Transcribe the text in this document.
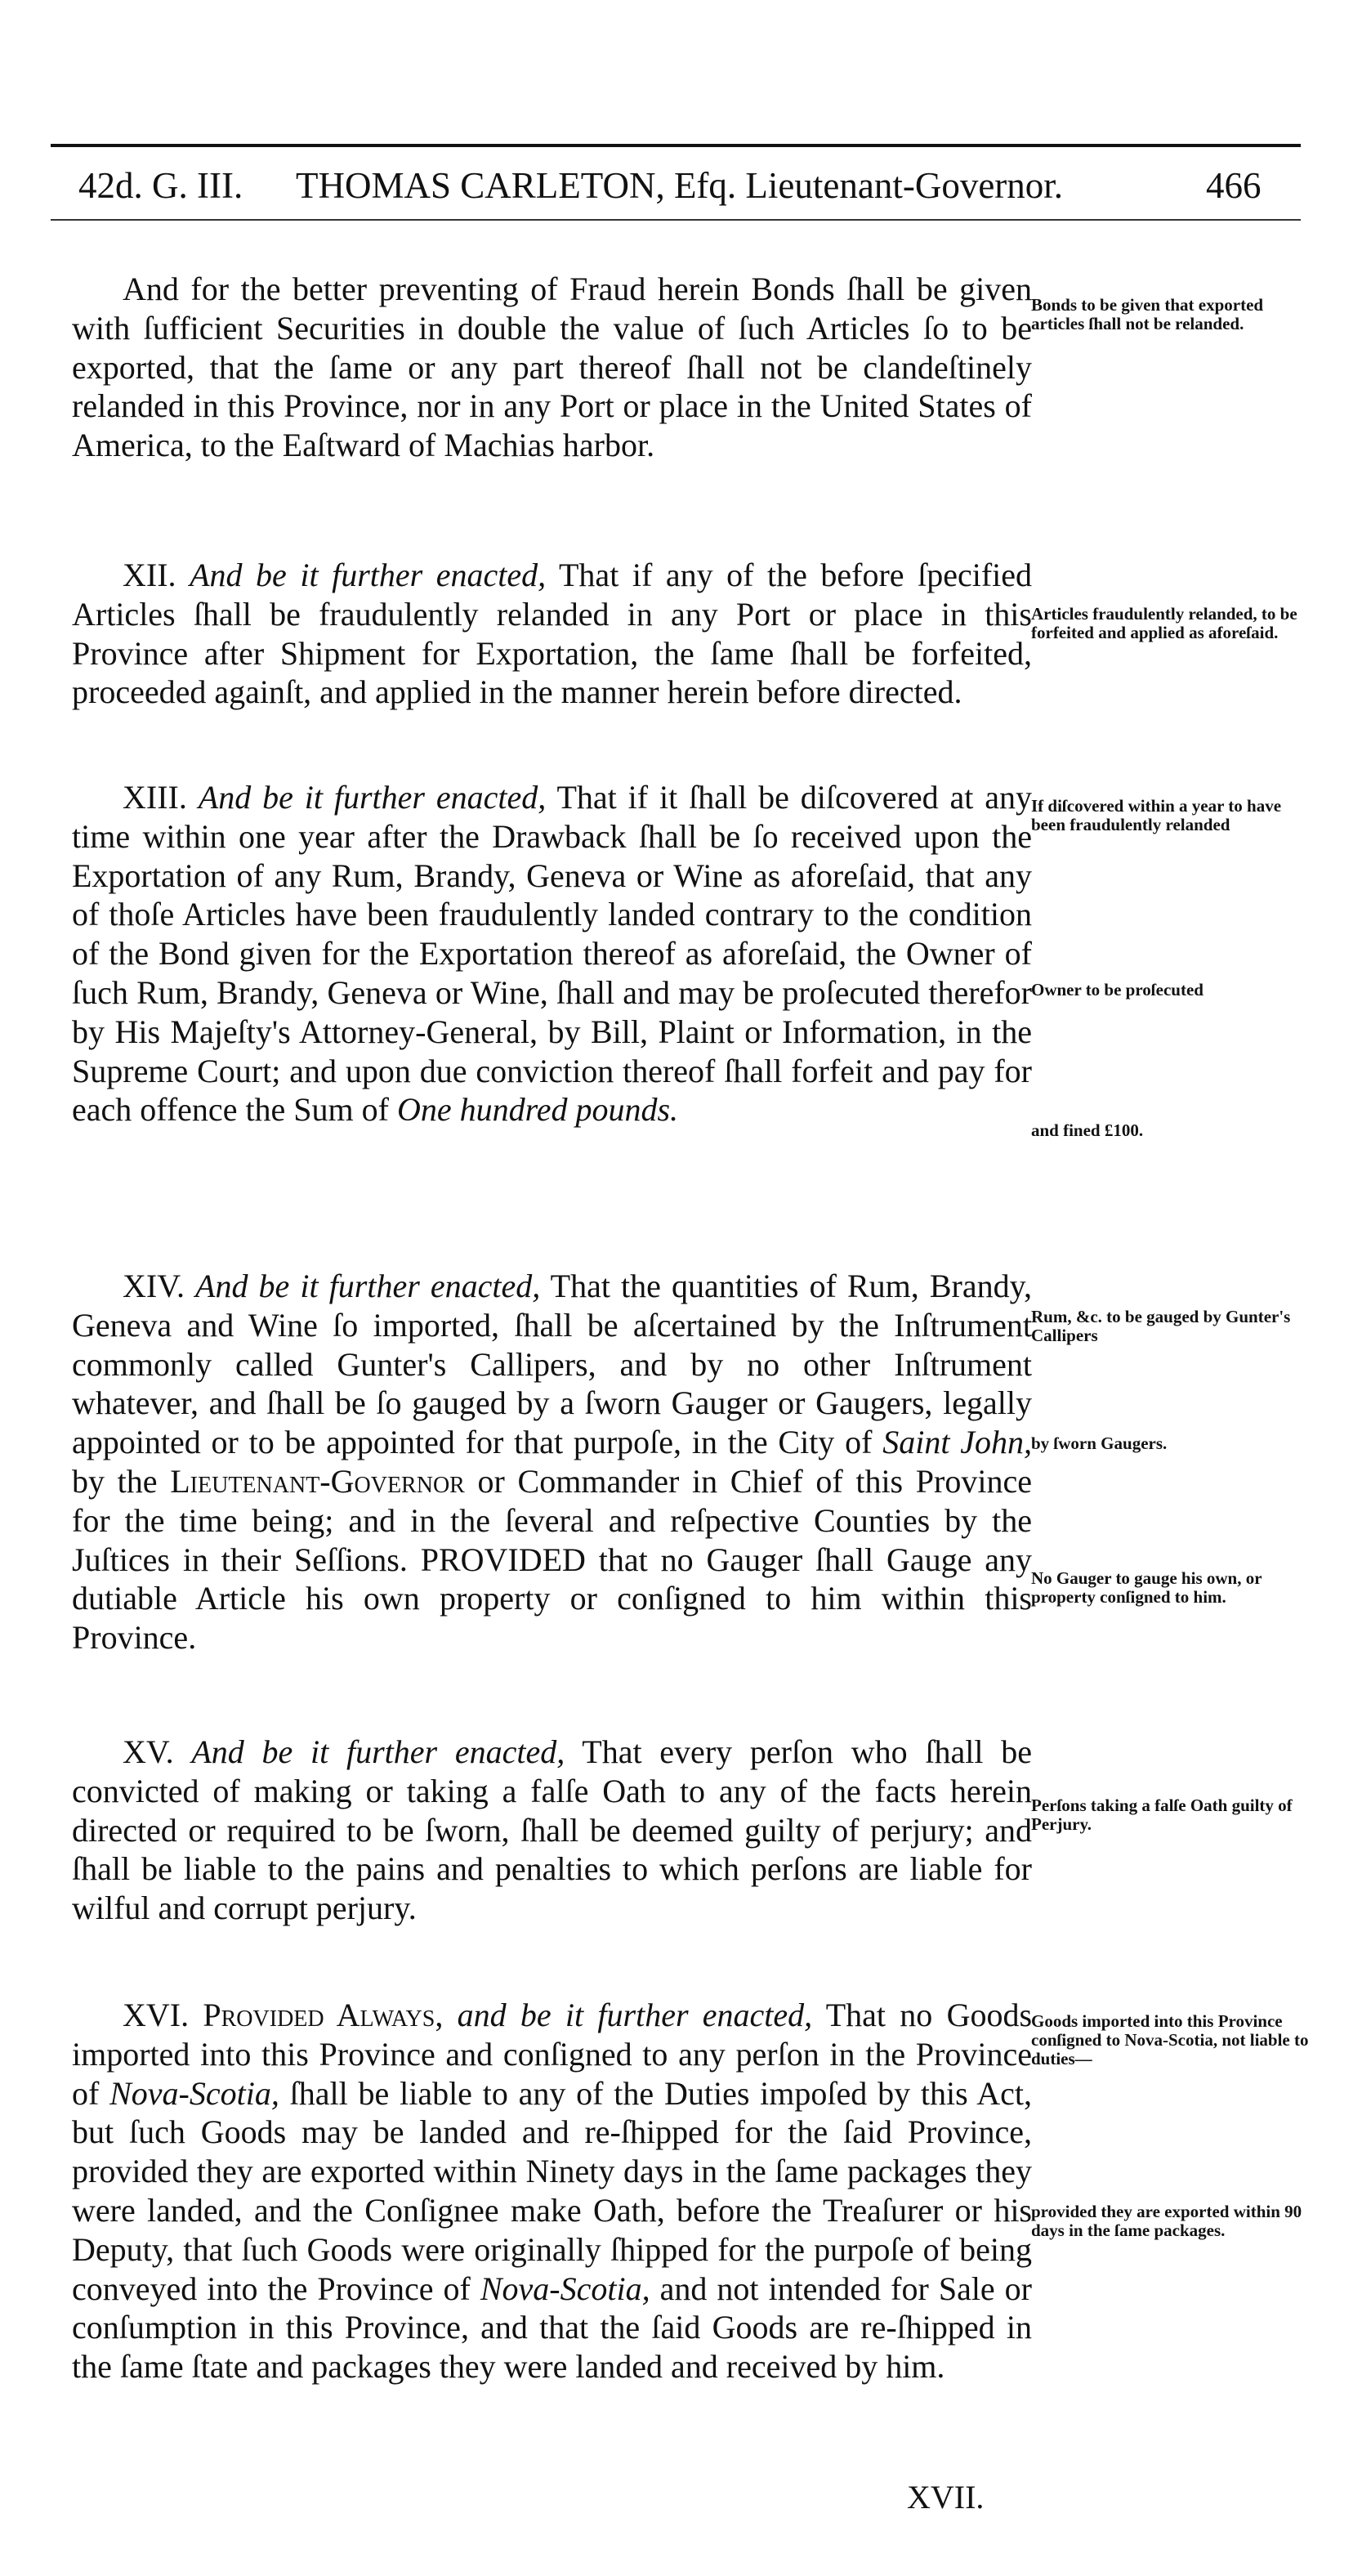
42d. G. III. THOMAS CARLETON, Efq. Lieutenant-Governor.	466

And for the better preventing of Fraud herein Bonds ſhall be given with ſufficient Securities in double the value of ſuch Articles ſo to be exported, that the ſame or any part thereof ſhall not be clandeſtinely relanded in this Province, nor in any Port or place in the United States of America, to the Eaſtward of Machias harbor.

XII. And be it further enacted, That if any of the before ſpecified Articles ſhall be fraudulently relanded in any Port or place in this Province after Shipment for Exportation, the ſame ſhall be forfeited, proceeded againſt, and applied in the manner herein before directed.

XIII. And be it further enacted, That if it ſhall be diſcovered at any time within one year after the Drawback ſhall be ſo received upon the Exportation of any Rum, Brandy, Geneva or Wine as aforeſaid, that any of thoſe Articles have been fraudulently landed contrary to the condition of the Bond given for the Exportation thereof as aforeſaid, the Owner of ſuch Rum, Brandy, Geneva or Wine, ſhall and may be proſecuted therefor by His Majeſty's Attorney-General, by Bill, Plaint or Information, in the Supreme Court; and upon due conviction thereof ſhall forfeit and pay for each offence the Sum of One hundred pounds.

XIV. And be it further enacted, That the quantities of Rum, Brandy, Geneva and Wine ſo imported, ſhall be aſcertained by the Inſtrument commonly called Gunter's Callipers, and by no other Inſtrument whatever, and ſhall be ſo gauged by a ſworn Gauger or Gaugers, legally appointed or to be appointed for that purpoſe, in the City of Saint John, by the Lieutenant-Governor or Commander in Chief of this Province for the time being; and in the ſeveral and reſpective Counties by the Juſtices in their Seſſions. PROVIDED that no Gauger ſhall Gauge any dutiable Article his own property or conſigned to him within this Province.

XV. And be it further enacted, That every perſon who ſhall be convicted of making or taking a falſe Oath to any of the facts herein directed or required to be ſworn, ſhall be deemed guilty of perjury; and ſhall be liable to the pains and penalties to which perſons are liable for wilful and corrupt perjury.

XVI. Provided Always, and be it further enacted, That no Goods imported into this Province and conſigned to any perſon in the Province of Nova-Scotia, ſhall be liable to any of the Duties impoſed by this Act, but ſuch Goods may be landed and re-ſhipped for the ſaid Province, provided they are exported within Ninety days in the ſame packages they were landed, and the Conſignee make Oath, before the Treaſurer or his Deputy, that ſuch Goods were originally ſhipped for the purpoſe of being conveyed into the Province of Nova-Scotia, and not intended for Sale or conſumption in this Province, and that the ſaid Goods are re-ſhipped in the ſame ſtate and packages they were landed and received by him.

Bonds to be given that exported articles ſhall not be relanded.
Articles fraudulently relanded, to be forfeited and applied as aforeſaid.
If diſcovered within a year to have been fraudulently relanded
Owner to be proſecuted
and fined £100.
Rum, &c. to be gauged by Gunter's Callipers
by ſworn Gaugers.
No Gauger to gauge his own, or property conſigned to him.
Perſons taking a falſe Oath guilty of Perjury.
Goods imported into this Province conſigned to Nova-Scotia, not liable to duties—
provided they are exported within 90 days in the ſame packages.
XVII.
